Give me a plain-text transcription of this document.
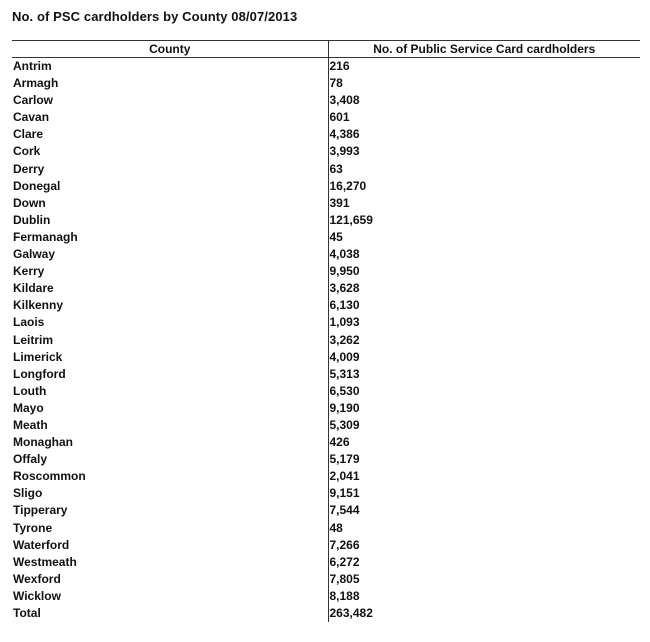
No. of PSC cardholders by County 08/07/2013
County	No. of Public Service Card cardholders
Antrim	216
Armagh	78
Carlow	3,408
Cavan	601
Clare	4,386
Cork	3,993
Derry	63
Donegal	16,270
Down	391
Dublin	121,659
Fermanagh	45
Galway	4,038
Kerry	9,950
Kildare	3,628
Kilkenny	6,130
Laois	1,093
Leitrim	3,262
Limerick	4,009
Longford	5,313
Louth	6,530
Mayo	9,190
Meath	5,309
Monaghan	426
Offaly	5,179
Roscommon	2,041
Sligo	9,151
Tipperary	7,544
Tyrone	48
Waterford	7,266
Westmeath	6,272
Wexford	7,805
Wicklow	8,188
Total	263,482
